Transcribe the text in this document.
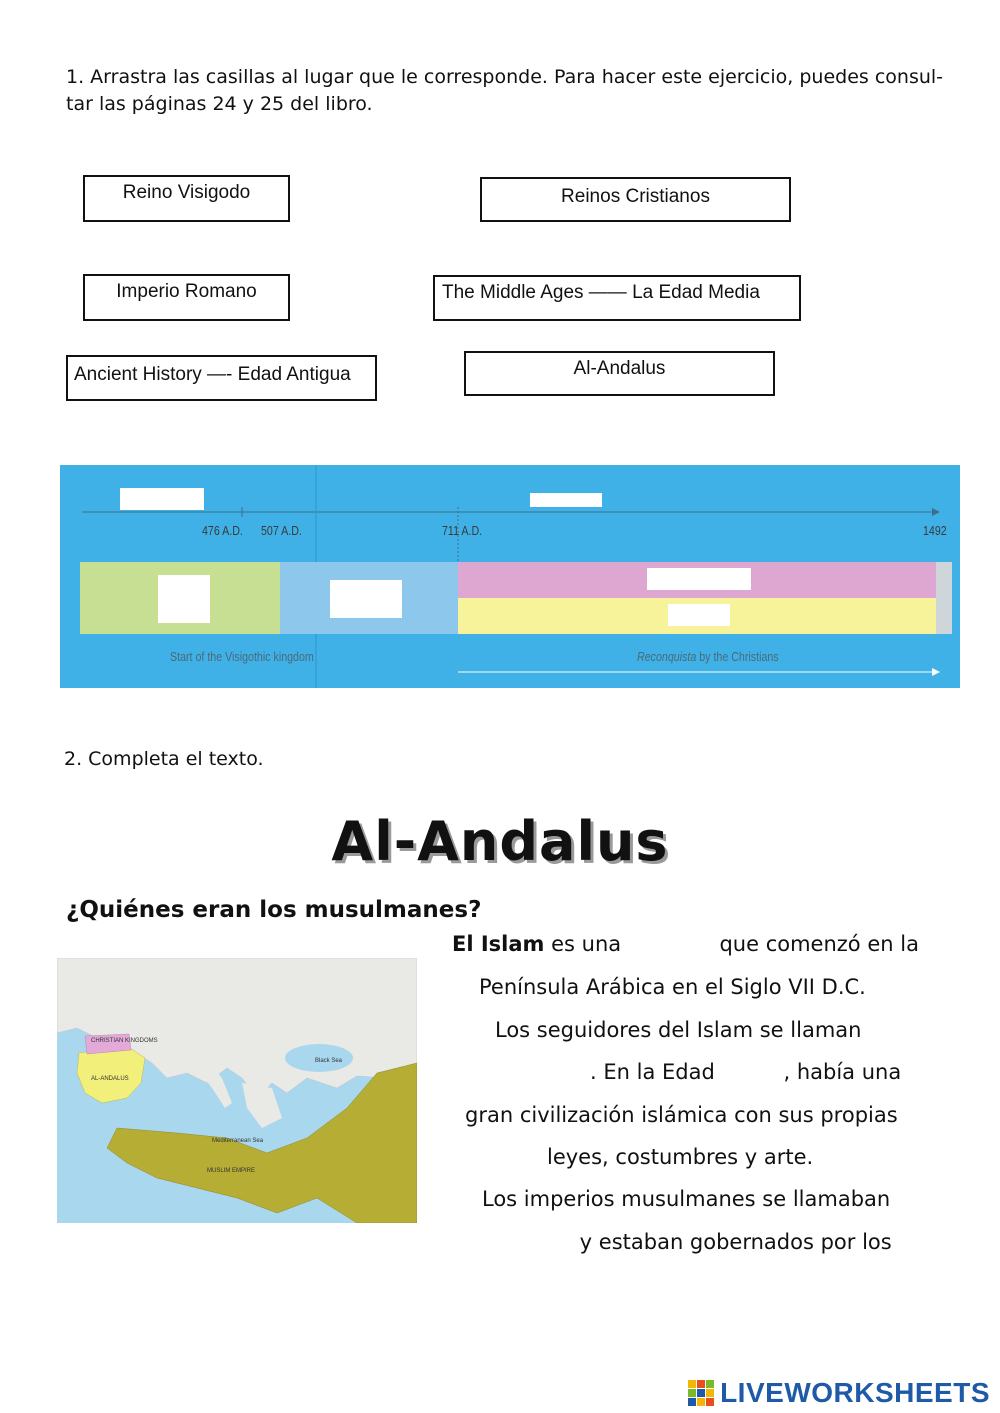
1. Arrastra las casillas al lugar que le corresponde. Para hacer este ejercicio, puedes consul-
tar las páginas 24 y 25 del libro.
Reino Visigodo	Reinos Cristianos
Imperio Romano	The Middle Ages —— La Edad Media
Ancient History —- Edad Antigua	Al-Andalus
476 A.D. 507 A.D.	711 A.D.	1492
Start of the Visigothic kingdom	Reconquista by the Christians
2. Completa el texto.
Al-Andalus
¿Quiénes eran los musulmanes?
CHRISTIAN KINGDOMS
AL-ANDALUS
Black Sea
Mediterranean Sea
MUSLIM EMPIRE
El Islam es una	que comenzó en la
Península Arábica en el Siglo VII D.C.
Los seguidores del Islam se llaman
. En la Edad	, había una
gran civilización islámica con sus propias
leyes, costumbres y arte.
Los imperios musulmanes se llamaban
y estaban gobernados por los
LIVEWORKSHEETS
